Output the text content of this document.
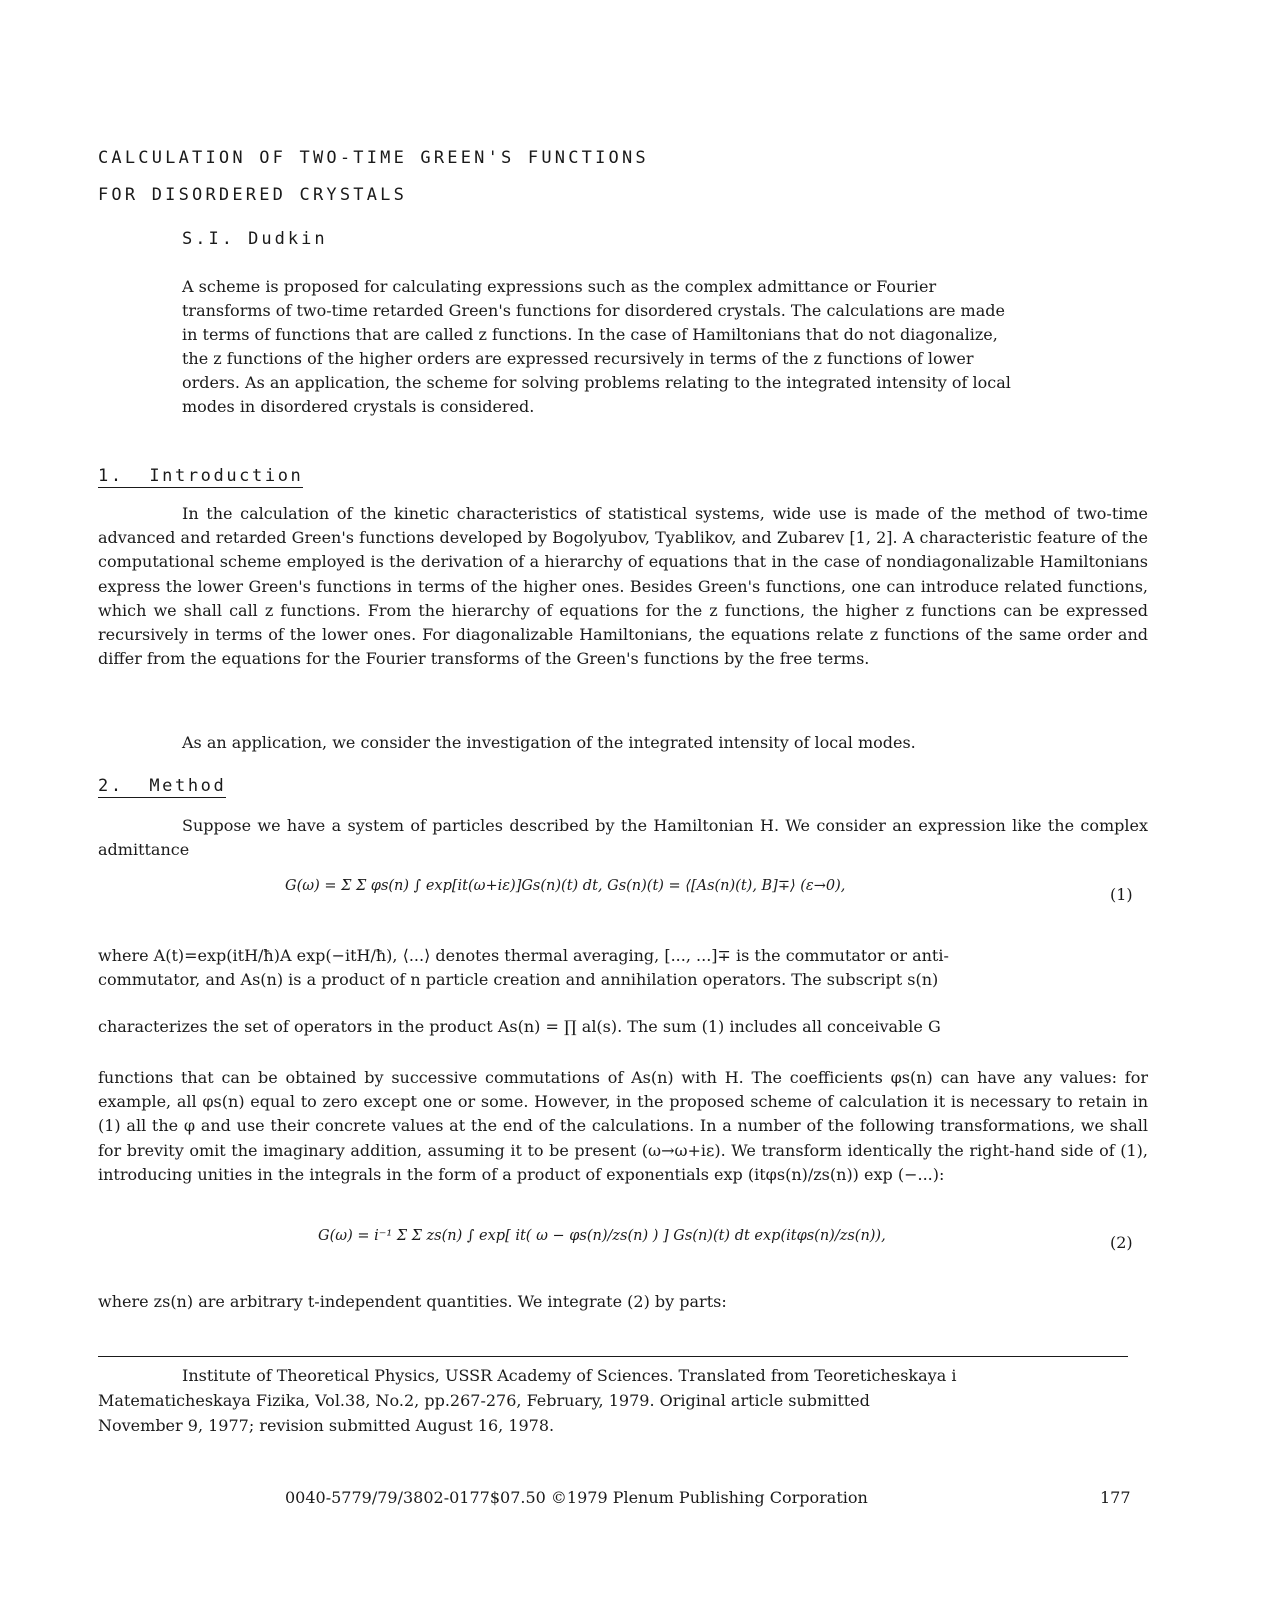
CALCULATION OF TWO-TIME GREEN'S FUNCTIONS
FOR DISORDERED CRYSTALS
S.I. Dudkin
A scheme is proposed for calculating expressions such as the complex admittance or Fourier transforms of two-time retarded Green's functions for disordered crystals. The calculations are made in terms of functions that are called z functions. In the case of Hamiltonians that do not diagonalize, the z functions of the higher orders are expressed recursively in terms of the z functions of lower orders. As an application, the scheme for solving problems relating to the integrated intensity of local modes in disordered crystals is considered.
1.  Introduction
In the calculation of the kinetic characteristics of statistical systems, wide use is made of the method of two-time advanced and retarded Green's functions developed by Bogolyubov, Tyablikov, and Zubarev [1, 2]. A characteristic feature of the computational scheme employed is the derivation of a hierarchy of equations that in the case of nondiagonalizable Hamiltonians express the lower Green's functions in terms of the higher ones. Besides Green's functions, one can introduce related functions, which we shall call z functions. From the hierarchy of equations for the z functions, the higher z functions can be expressed recursively in terms of the lower ones. For diagonalizable Hamiltonians, the equations relate z functions of the same order and differ from the equations for the Fourier transforms of the Green's functions by the free terms.
As an application, we consider the investigation of the integrated intensity of local modes.
2.  Method
Suppose we have a system of particles described by the Hamiltonian H. We consider an expression like the complex admittance
G(ω) = Σ Σ φs(n) ∫ exp[it(ω+iε)]Gs(n)(t) dt, Gs(n)(t) = ⟨[As(n)(t), B]∓⟩ (ε→0),	(1)
where A(t)=exp(itH/ħ)A exp(−itH/ħ), ⟨...⟩ denotes thermal averaging, [..., ...]∓ is the commutator or anti-
commutator, and As(n) is a product of n particle creation and annihilation operators. The subscript s(n)
characterizes the set of operators in the product As(n) = ∏ al(s). The sum (1) includes all conceivable G
functions that can be obtained by successive commutations of As(n) with H. The coefficients φs(n) can have any values: for example, all φs(n) equal to zero except one or some. However, in the proposed scheme of calculation it is necessary to retain in (1) all the φ and use their concrete values at the end of the calculations. In a number of the following transformations, we shall for brevity omit the imaginary addition, assuming it to be present (ω→ω+iε). We transform identically the right-hand side of (1), introducing unities in the integrals in the form of a product of exponentials exp (itφs(n)/zs(n)) exp (−...):
G(ω) = i⁻¹ Σ Σ zs(n) ∫ exp[ it( ω − φs(n)/zs(n) ) ] Gs(n)(t) dt exp(itφs(n)/zs(n)),	(2)
where zs(n) are arbitrary t-independent quantities. We integrate (2) by parts:
Institute of Theoretical Physics, USSR Academy of Sciences. Translated from Teoreticheskaya i
Matematicheskaya Fizika, Vol.38, No.2, pp.267-276, February, 1979. Original article submitted
November 9, 1977; revision submitted August 16, 1978.
0040-5779/79/3802-0177$07.50 ©1979 Plenum Publishing Corporation	177
